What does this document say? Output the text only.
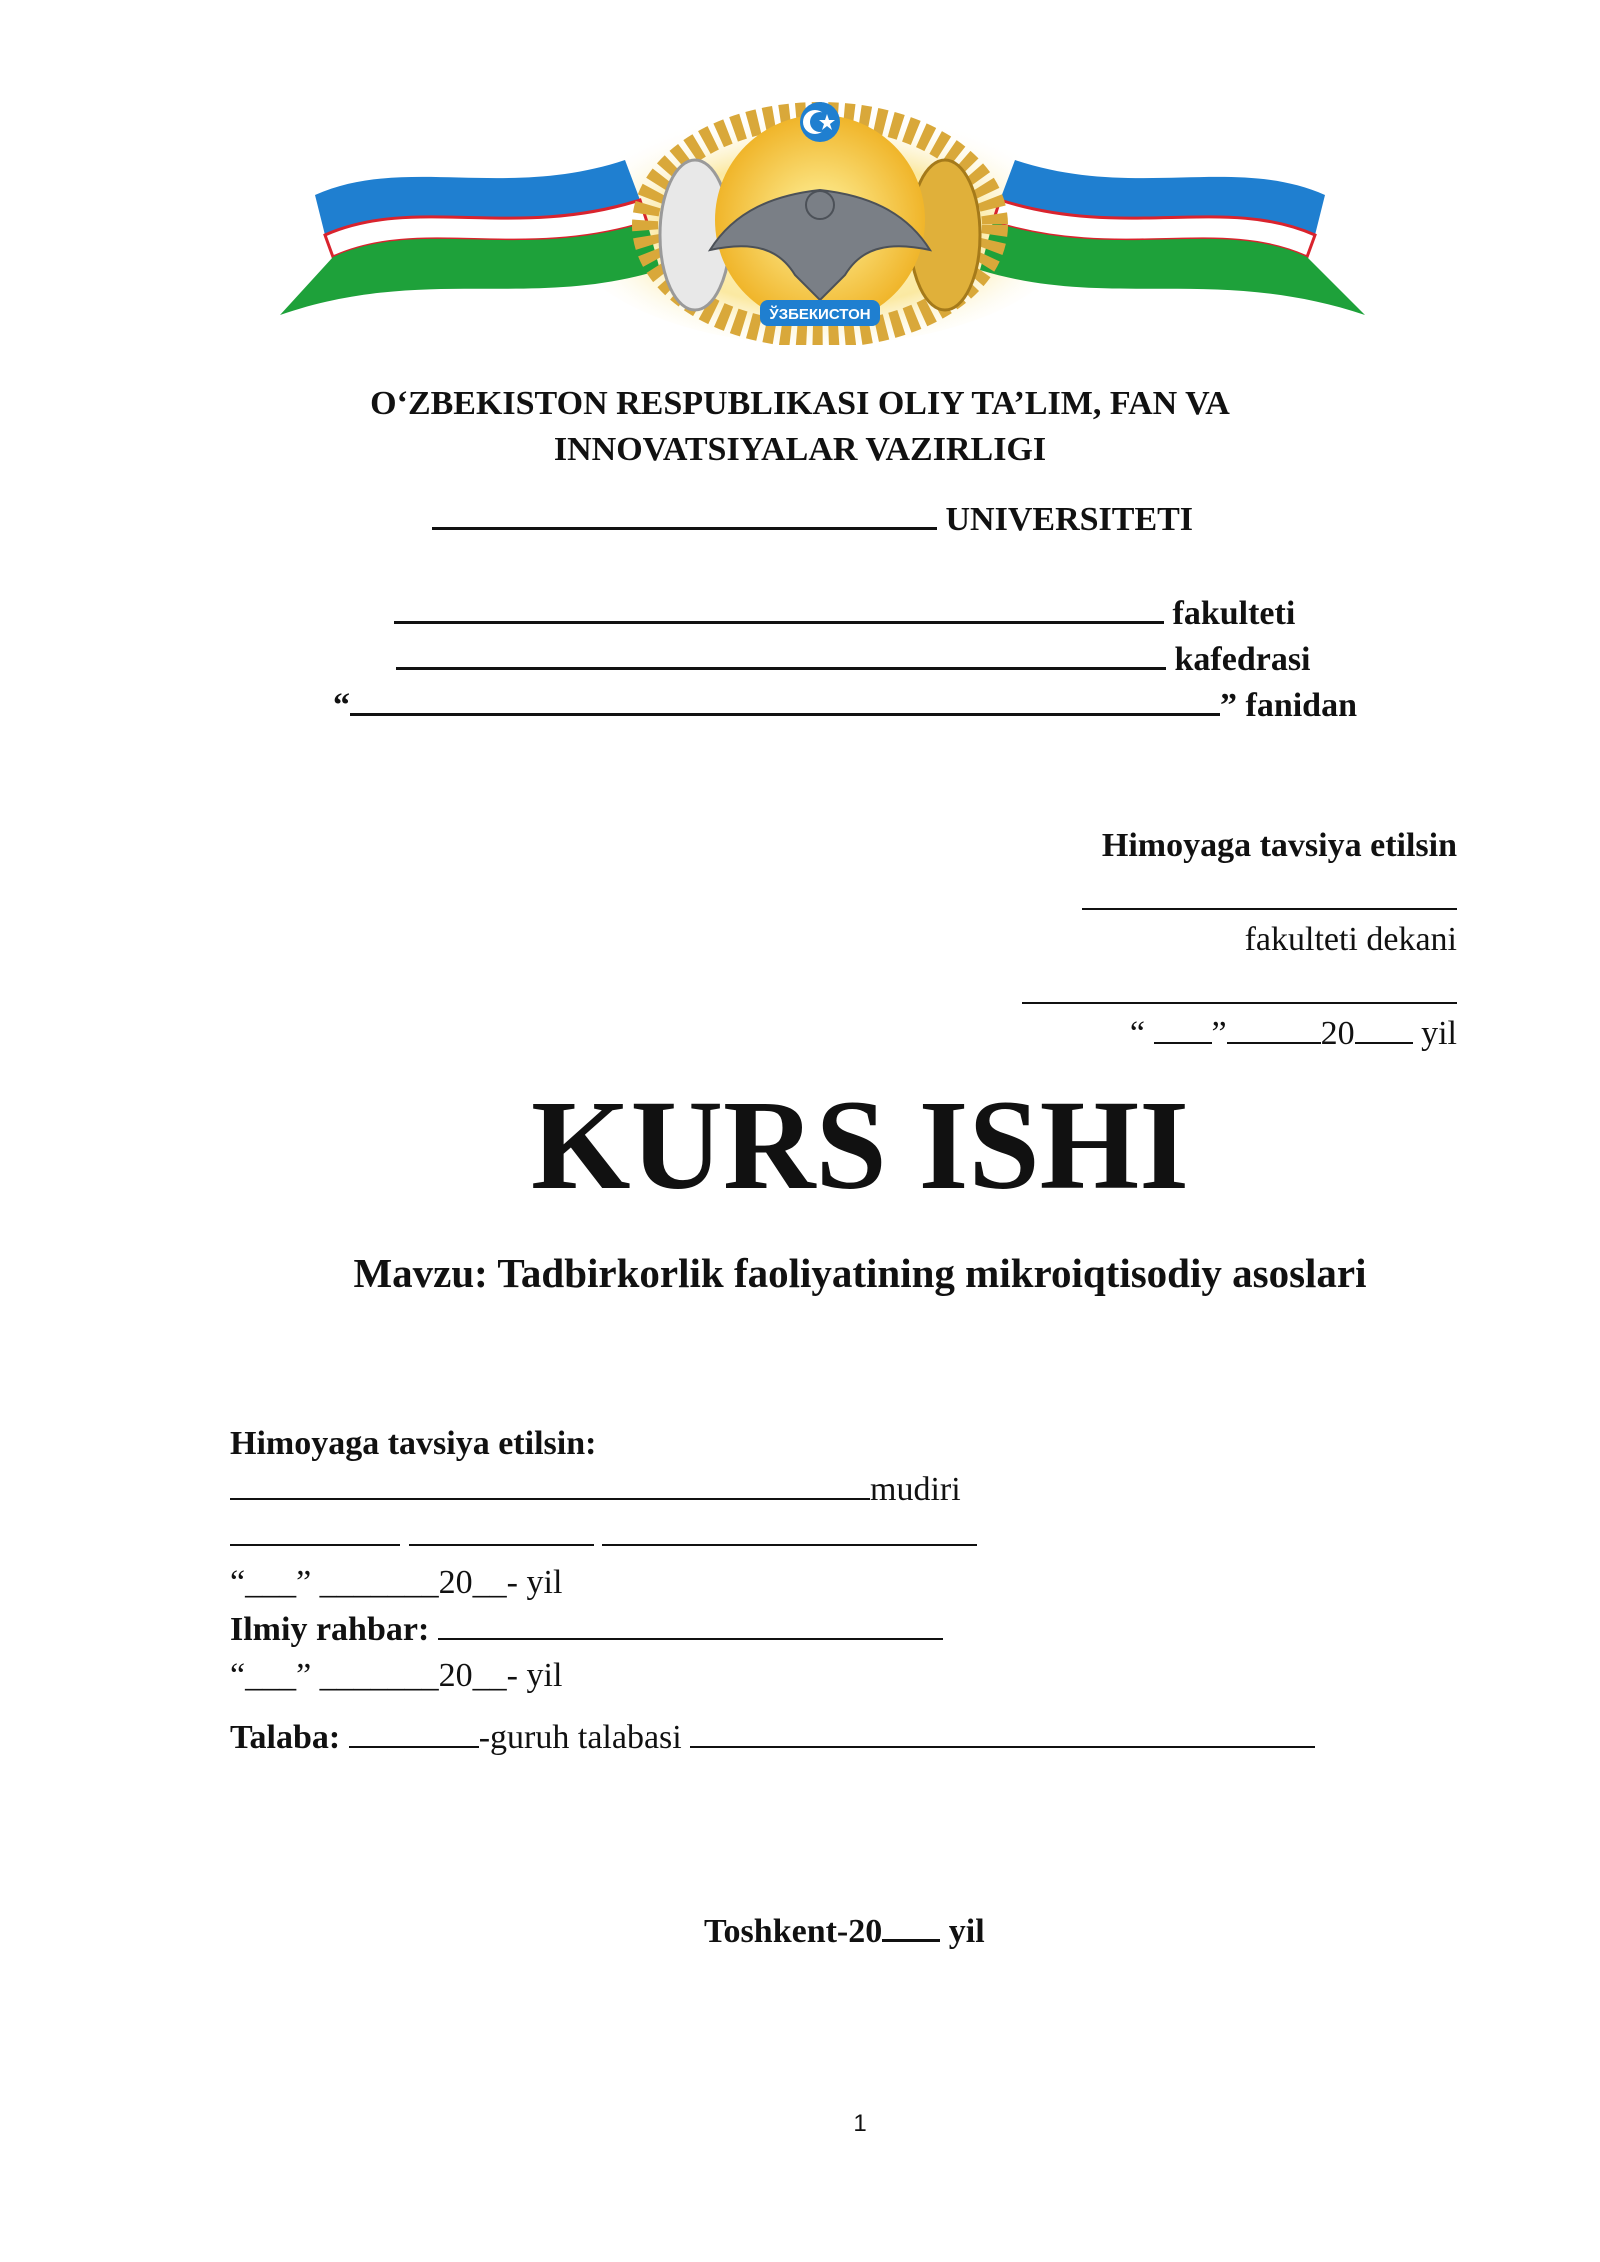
ЎЗБЕКИСТОН
O‘ZBEKISTON RESPUBLIKASI OLIY TA’LIM, FAN VA
INNOVATSIYALAR VAZIRLIGI
UNIVERSITETI
fakulteti
kafedrasi
“	” fanidan
Himoyaga tavsiya etilsin
fakulteti dekani
“ ”	20 yil
KURS ISHI
Mavzu: Tadbirkorlik faoliyatining mikroiqtisodiy asoslari
Himoyaga tavsiya etilsin:
mudiri

“___” _______20__- yil
Ilmiy rahbar:
“___” _______20__- yil
Talaba:	-guruh talabasi
Toshkent-20 yil
1
